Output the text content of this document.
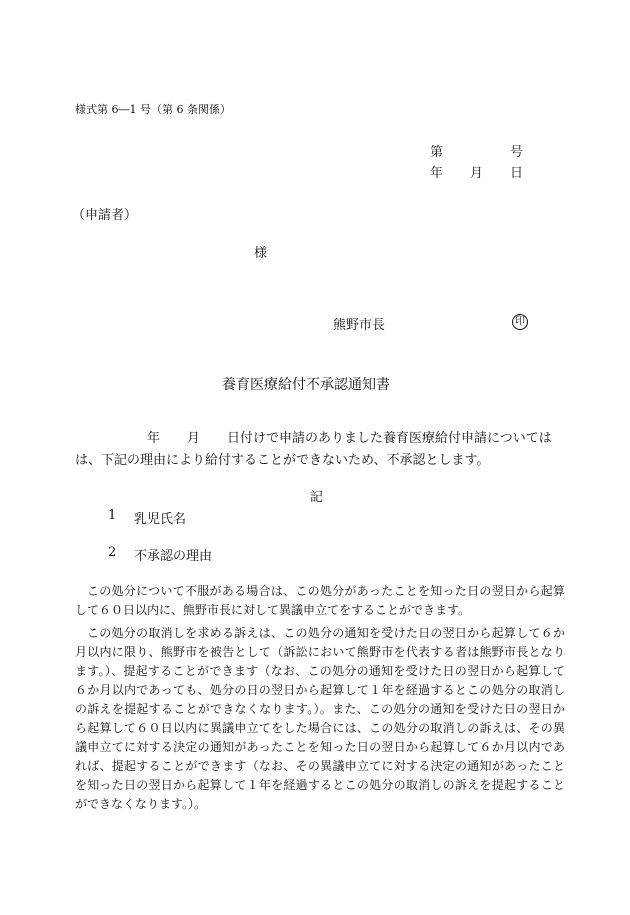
様式第 6―1 号（第 6 条関係）
第	号
年 月 日
（申請者）
様
熊野市長	印
養育医療給付不承認通知書
年 月 日付けで申請のありました養育医療給付申請については
は、下記の理由により給付することができないため、不承認とします。
記
1 乳児氏名
2 不承認の理由
この処分について不服がある場合は、この処分があったことを知った日の翌日から起算して６０日以内に、熊野市長に対して異議申立てをすることができます。
この処分の取消しを求める訴えは、この処分の通知を受けた日の翌日から起算して６か月以内に限り、熊野市を被告として（訴訟において熊野市を代表する者は熊野市長となります。）、提起することができます（なお、この処分の通知を受けた日の翌日から起算して６か月以内であっても、処分の日の翌日から起算して１年を経過するとこの処分の取消しの訴えを提起することができなくなります。）。また、この処分の通知を受けた日の翌日から起算して６０日以内に異議申立てをした場合には、この処分の取消しの訴えは、その異議申立てに対する決定の通知があったことを知った日の翌日から起算して６か月以内であれば、提起することができます（なお、その異議申立てに対する決定の通知があったことを知った日の翌日から起算して１年を経過するとこの処分の取消しの訴えを提起することができなくなります。）。
